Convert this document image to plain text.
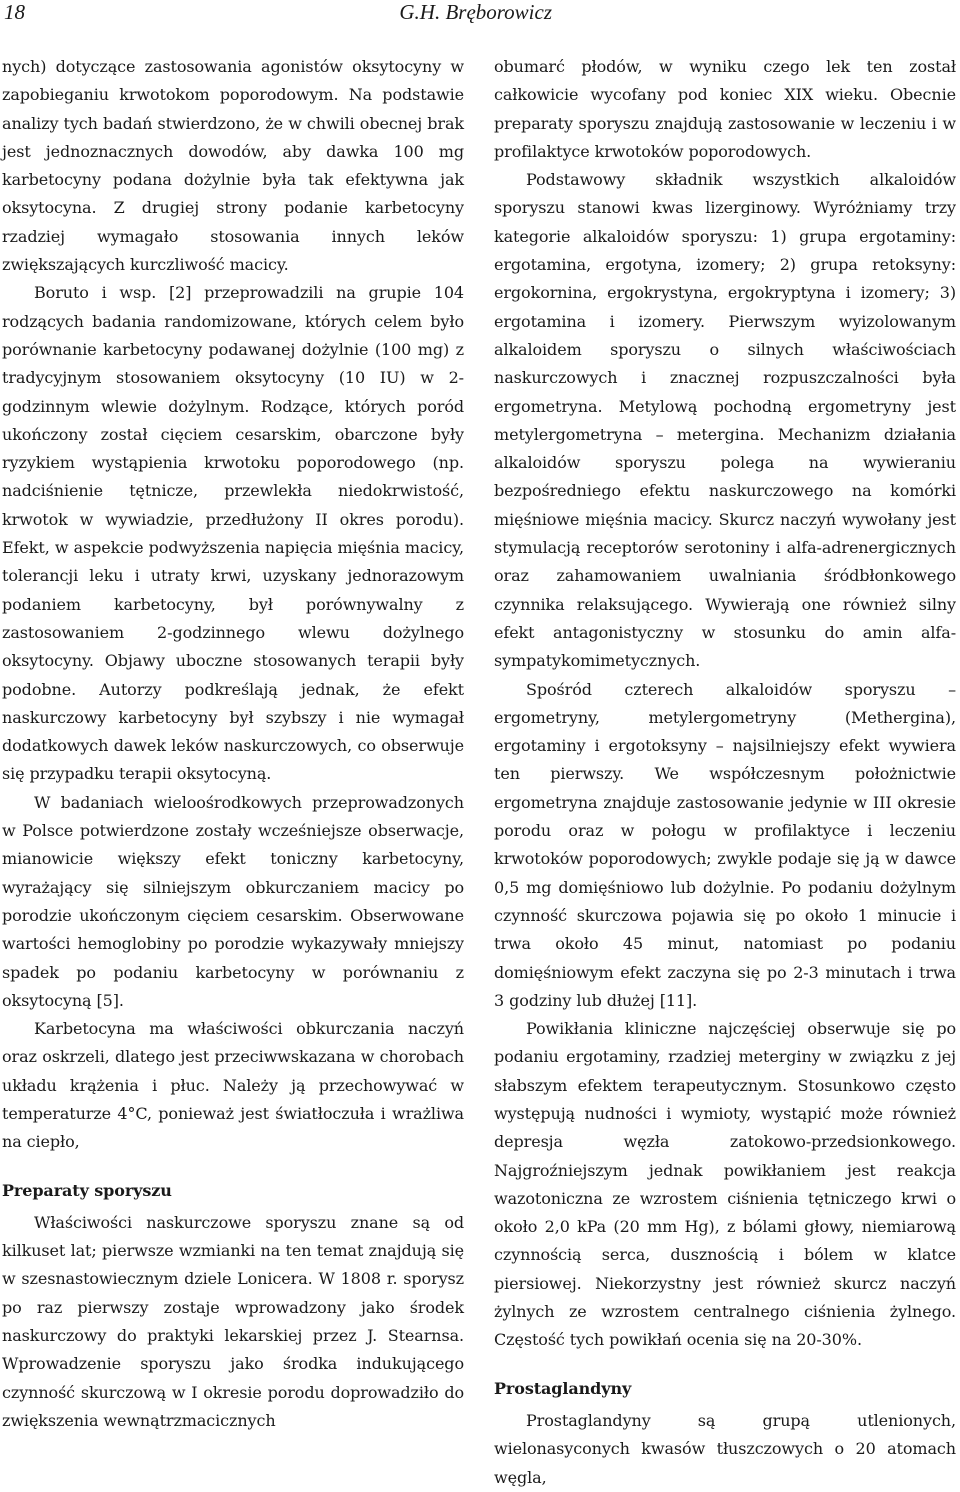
18	G.H. Bręborowicz

nych) dotyczące zastosowania agonistów oksytocyny w zapobieganiu krwotokom poporodowym. Na podstawie analizy tych badań stwierdzono, że w chwili obecnej brak jest jednoznacznych dowodów, aby dawka 100 mg karbetocyny podana dożylnie była tak efektywna jak oksytocyna. Z drugiej strony podanie karbetocyny rzadziej wymagało stosowania innych leków zwiększających kurczliwość macicy.

Boruto i wsp. [2] przeprowadzili na grupie 104 rodzących badania randomizowane, których celem było porównanie karbetocyny podawanej dożylnie (100 mg) z tradycyjnym stosowaniem oksytocyny (10 IU) w 2-godzinnym wlewie dożylnym. Rodzące, których poród ukończony został cięciem cesarskim, obarczone były ryzykiem wystąpienia krwotoku poporodowego (np. nadciśnienie tętnicze, przewlekła niedokrwistość, krwotok w wywiadzie, przedłużony II okres porodu). Efekt, w aspekcie podwyższenia napięcia mięśnia macicy, tolerancji leku i utraty krwi, uzyskany jednorazowym podaniem karbetocyny, był porównywalny z zastosowaniem 2-godzinnego wlewu dożylnego oksytocyny. Objawy uboczne stosowanych terapii były podobne. Autorzy podkreślają jednak, że efekt naskurczowy karbetocyny był szybszy i nie wymagał dodatkowych dawek leków naskurczowych, co obserwuje się przypadku terapii oksytocyną.

W badaniach wieloośrodkowych przeprowadzonych w Polsce potwierdzone zostały wcześniejsze obserwacje, mianowicie większy efekt toniczny karbetocyny, wyrażający się silniejszym obkurczaniem macicy po porodzie ukończonym cięciem cesarskim. Obserwowane wartości hemoglobiny po porodzie wykazywały mniejszy spadek po podaniu karbetocyny w porównaniu z oksytocyną [5].

Karbetocyna ma właściwości obkurczania naczyń oraz oskrzeli, dlatego jest przeciwwskazana w chorobach układu krążenia i płuc. Należy ją przechowywać w temperaturze 4°C, ponieważ jest światłoczuła i wrażliwa na ciepło,

Preparaty sporyszu

Właściwości naskurczowe sporyszu znane są od kilkuset lat; pierwsze wzmianki na ten temat znajdują się w szesnastowiecznym dziele Lonicera. W 1808 r. sporysz po raz pierwszy zostaje wprowadzony jako środek naskurczowy do praktyki lekarskiej przez J. Stearnsa. Wprowadzenie sporyszu jako środka indukującego czynność skurczową w I okresie porodu doprowadziło do zwiększenia wewnątrzmacicznych

obumarć płodów, w wyniku czego lek ten został całkowicie wycofany pod koniec XIX wieku. Obecnie preparaty sporyszu znajdują zastosowanie w leczeniu i w profilaktyce krwotoków poporodowych.

Podstawowy składnik wszystkich alkaloidów sporyszu stanowi kwas lizerginowy. Wyróżniamy trzy kategorie alkaloidów sporyszu: 1) grupa ergotaminy: ergotamina, ergotyna, izomery; 2) grupa retoksyny: ergokornina, ergokrystyna, ergokryptyna i izomery; 3) ergotamina i izomery. Pierwszym wyizolowanym alkaloidem sporyszu o silnych właściwościach naskurczowych i znacznej rozpuszczalności była ergometryna. Metylową pochodną ergometryny jest metylergometryna – metergina. Mechanizm działania alkaloidów sporyszu polega na wywieraniu bezpośredniego efektu naskurczowego na komórki mięśniowe mięśnia macicy. Skurcz naczyń wywołany jest stymulacją receptorów serotoniny i alfa-adrenergicznych oraz zahamowaniem uwalniania śródbłonkowego czynnika relaksującego. Wywierają one również silny efekt antagonistyczny w stosunku do amin alfa-sympatykomimetycznych.

Spośród czterech alkaloidów sporyszu – ergometryny, metylergometryny (Methergina), ergotaminy i ergotoksyny – najsilniejszy efekt wywiera ten pierwszy. We współczesnym położnictwie ergometryna znajduje zastosowanie jedynie w III okresie porodu oraz w połogu w profilaktyce i leczeniu krwotoków poporodowych; zwykle podaje się ją w dawce 0,5 mg domięśniowo lub dożylnie. Po podaniu dożylnym czynność skurczowa pojawia się po około 1 minucie i trwa około 45 minut, natomiast po podaniu domięśniowym efekt zaczyna się po 2-3 minutach i trwa 3 godziny lub dłużej [11].

Powikłania kliniczne najczęściej obserwuje się po podaniu ergotaminy, rzadziej meterginy w związku z jej słabszym efektem terapeutycznym. Stosunkowo często występują nudności i wymioty, wystąpić może również depresja węzła zatokowo-przedsionkowego. Najgroźniejszym jednak powikłaniem jest reakcja wazotoniczna ze wzrostem ciśnienia tętniczego krwi o około 2,0 kPa (20 mm Hg), z bólami głowy, niemiarową czynnością serca, dusznością i bólem w klatce piersiowej. Niekorzystny jest również skurcz naczyń żylnych ze wzrostem centralnego ciśnienia żylnego. Częstość tych powikłań ocenia się na 20-30%.

Prostaglandyny

Prostaglandyny są grupą utlenionych, wielonasyconych kwasów tłuszczowych o 20 atomach węgla,
